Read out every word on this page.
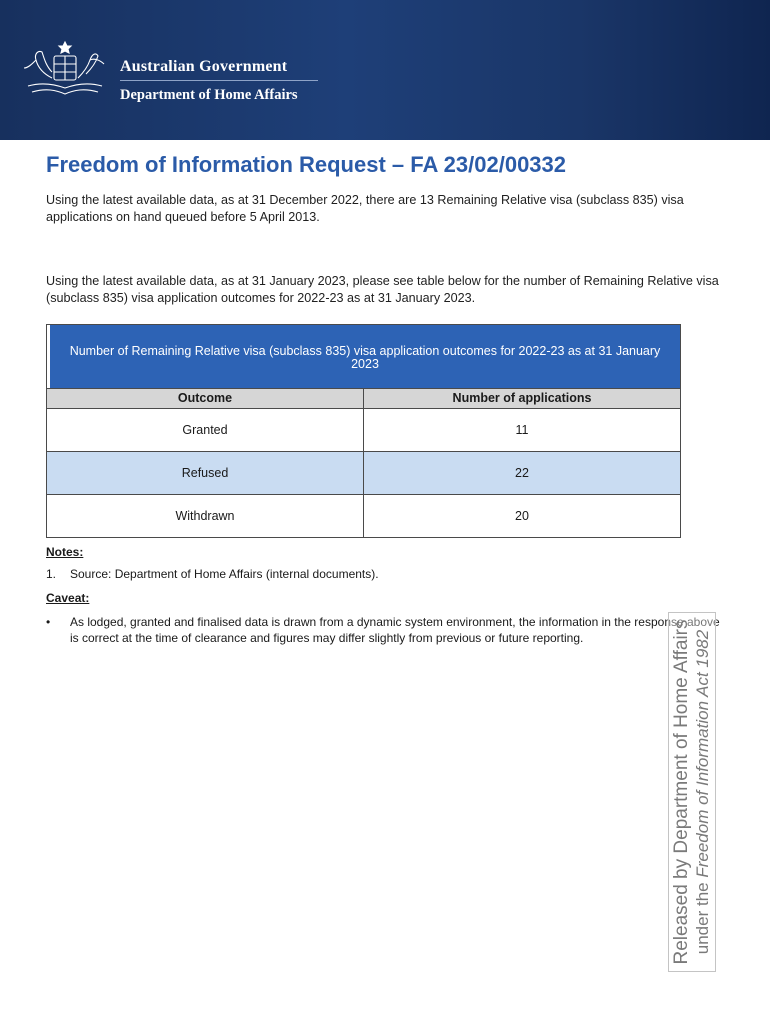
Australian Government
Department of Home Affairs
Freedom of Information Request – FA 23/02/00332
Using the latest available data, as at 31 December 2022, there are 13 Remaining Relative visa (subclass 835) visa applications on hand queued before 5 April 2013.
Using the latest available data, as at 31 January 2023, please see table below for the number of Remaining Relative visa (subclass 835) visa application outcomes for 2022-23 as at 31 January 2023.
Number of Remaining Relative visa (subclass 835) visa application outcomes for 2022-23 as at 31 January 2023
Outcome	Number of applications
Granted	11
Refused	22
Withdrawn	20
Notes:
1. Source: Department of Home Affairs (internal documents).
Caveat:
• As lodged, granted and finalised data is drawn from a dynamic system environment, the information in the response above is correct at the time of clearance and figures may differ slightly from previous or future reporting.	Released by Department of Home Affairs under the Freedom of Information Act 1982
